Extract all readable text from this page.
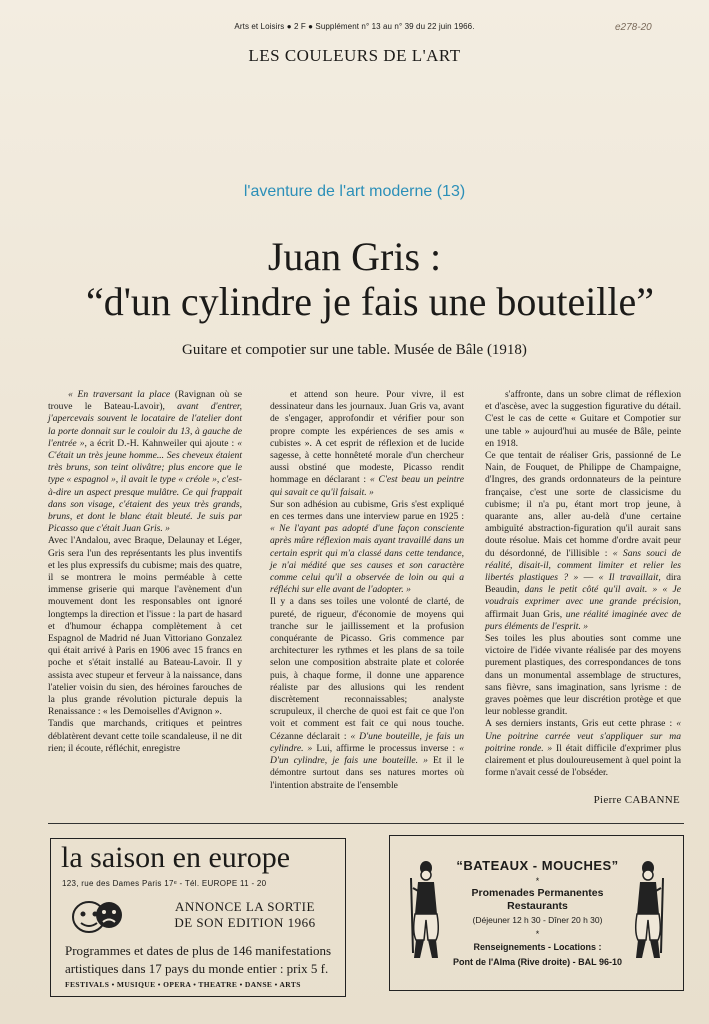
Arts et Loisirs ● 2 F ● Supplément n° 13 au n° 39 du 22 juin 1966.	e278-20
LES COULEURS DE L'ART
l'aventure de l'art moderne (13)
Juan Gris :
“d'un cylindre je fais une bouteille”
Guitare et compotier sur une table. Musée de Bâle (1918)

« En traversant la place (Ravignan où se trouve le Bateau-Lavoir), avant d'entrer, j'apercevais souvent le locataire de l'atelier dont la porte donnait sur le couloir du 13, à gauche de l'entrée », a écrit D.-H. Kahnweiler qui ajoute : « C'était un très jeune homme... Ses cheveux étaient très bruns, son teint olivâtre; plus encore que le type « espagnol », il avait le type « créole », c'est-à-dire un aspect presque mulâtre. Ce qui frappait dans son visage, c'étaient des yeux très grands, bruns, et dont le blanc était bleuté. Je suis par Picasso que c'était Juan Gris. »

Avec l'Andalou, avec Braque, Delaunay et Léger, Gris sera l'un des représentants les plus inventifs et les plus expressifs du cubisme; mais des quatre, il se montrera le moins perméable à cette immense griserie qui marque l'avènement d'un mouvement dont les responsables ont ignoré longtemps la direction et l'issue : la part de hasard et d'humour échappa complètement à cet Espagnol de Madrid né Juan Vittoriano Gonzalez qui était arrivé à Paris en 1906 avec 15 francs en poche et s'était installé au Bateau-Lavoir. Il y assista avec stupeur et ferveur à la naissance, dans l'atelier voisin du sien, des héroines farouches de la plus grande révolution picturale depuis la Renaissance : « les Demoiselles d'Avignon ».

Tandis que marchands, critiques et peintres déblatèrent devant cette toile scandaleuse, il ne dit rien; il écoute, réfléchit, enregistre

et attend son heure. Pour vivre, il est dessinateur dans les journaux. Juan Gris va, avant de s'engager, approfondir et vérifier pour son propre compte les expériences de ses amis « cubistes ». A cet esprit de réflexion et de lucide sagesse, à cette honnêteté morale d'un chercheur aussi obstiné que modeste, Picasso rendit hommage en déclarant : « C'est beau un peintre qui savait ce qu'il faisait. »

Sur son adhésion au cubisme, Gris s'est expliqué en ces termes dans une interview parue en 1925 : « Ne l'ayant pas adopté d'une façon consciente après mûre réflexion mais ayant travaillé dans un certain esprit qui m'a classé dans cette tendance, je n'ai médité que ses causes et son caractère comme celui qu'il a observée de loin ou qui a réfléchi sur elle avant de l'adopter. »

Il y a dans ses toiles une volonté de clarté, de pureté, de rigueur, d'économie de moyens qui tranche sur le jaillissement et la profusion conquérante de Picasso. Gris commence par architecturer les rythmes et les plans de sa toile selon une composition abstraite plate et colorée puis, à chaque forme, il donne une apparence réaliste par des allusions qui les rendent discrètement reconnaissables; analyste scrupuleux, il cherche de quoi est fait ce que l'on voit et comment est fait ce qui nous touche. Cézanne déclarait : « D'une bouteille, je fais un cylindre. » Lui, affirme le processus inverse : « D'un cylindre, je fais une bouteille. » Et il le démontre surtout dans ses natures mortes où l'intention abstraite de l'ensemble

s'affronte, dans un sobre climat de réflexion et d'ascèse, avec la suggestion figurative du détail. C'est le cas de cette « Guitare et Compotier sur une table » aujourd'hui au musée de Bâle, peinte en 1918.

Ce que tentait de réaliser Gris, passionné de Le Nain, de Fouquet, de Philippe de Champaigne, d'Ingres, des grands ordonnateurs de la peinture française, c'est une sorte de classicisme du cubisme; il n'a pu, étant mort trop jeune, à quarante ans, aller au-delà d'une certaine ambiguïté abstraction-figuration qu'il aurait sans doute résolue. Mais cet homme d'ordre avait peur du désordonné, de l'illisible : « Sans souci de réalité, disait-il, comment limiter et relier les libertés plastiques ? » — « Il travaillait, dira Beaudin, dans le petit côté qu'il avait. » « Je voudrais exprimer avec une grande précision, affirmait Juan Gris, une réalité imaginée avec de purs éléments de l'esprit. »

Ses toiles les plus abouties sont comme une victoire de l'idée vivante réalisée par des moyens purement plastiques, des correspondances de tons dans un monumental assemblage de structures, sans fièvre, sans imagination, sans lyrisme : de graves poèmes que leur discrétion protège et que leur noblesse grandit.

A ses derniers instants, Gris eut cette phrase : « Une poitrine carrée veut s'appliquer sur ma poitrine ronde. » Il était difficile d'exprimer plus clairement et plus douloureusement à quel point la forme n'avait cessé de l'obséder.

Pierre CABANNE
la saison en europe
123, rue des Dames Paris 17ᵉ - Tél. EUROPE 11 - 20
ANNONCE LA SORTIE
DE SON EDITION 1966
Programmes et dates de plus de 146 manifestations
artistiques dans 17 pays du monde entier : prix 5 f.
FESTIVALS • MUSIQUE • OPERA • THEATRE • DANSE • ARTS
“BATEAUX - MOUCHES”
*
Promenades Permanentes
Restaurants
(Déjeuner 12 h 30 - Dîner 20 h 30)
*
Renseignements - Locations :
Pont de l'Alma (Rive droite) - BAL 96-10
